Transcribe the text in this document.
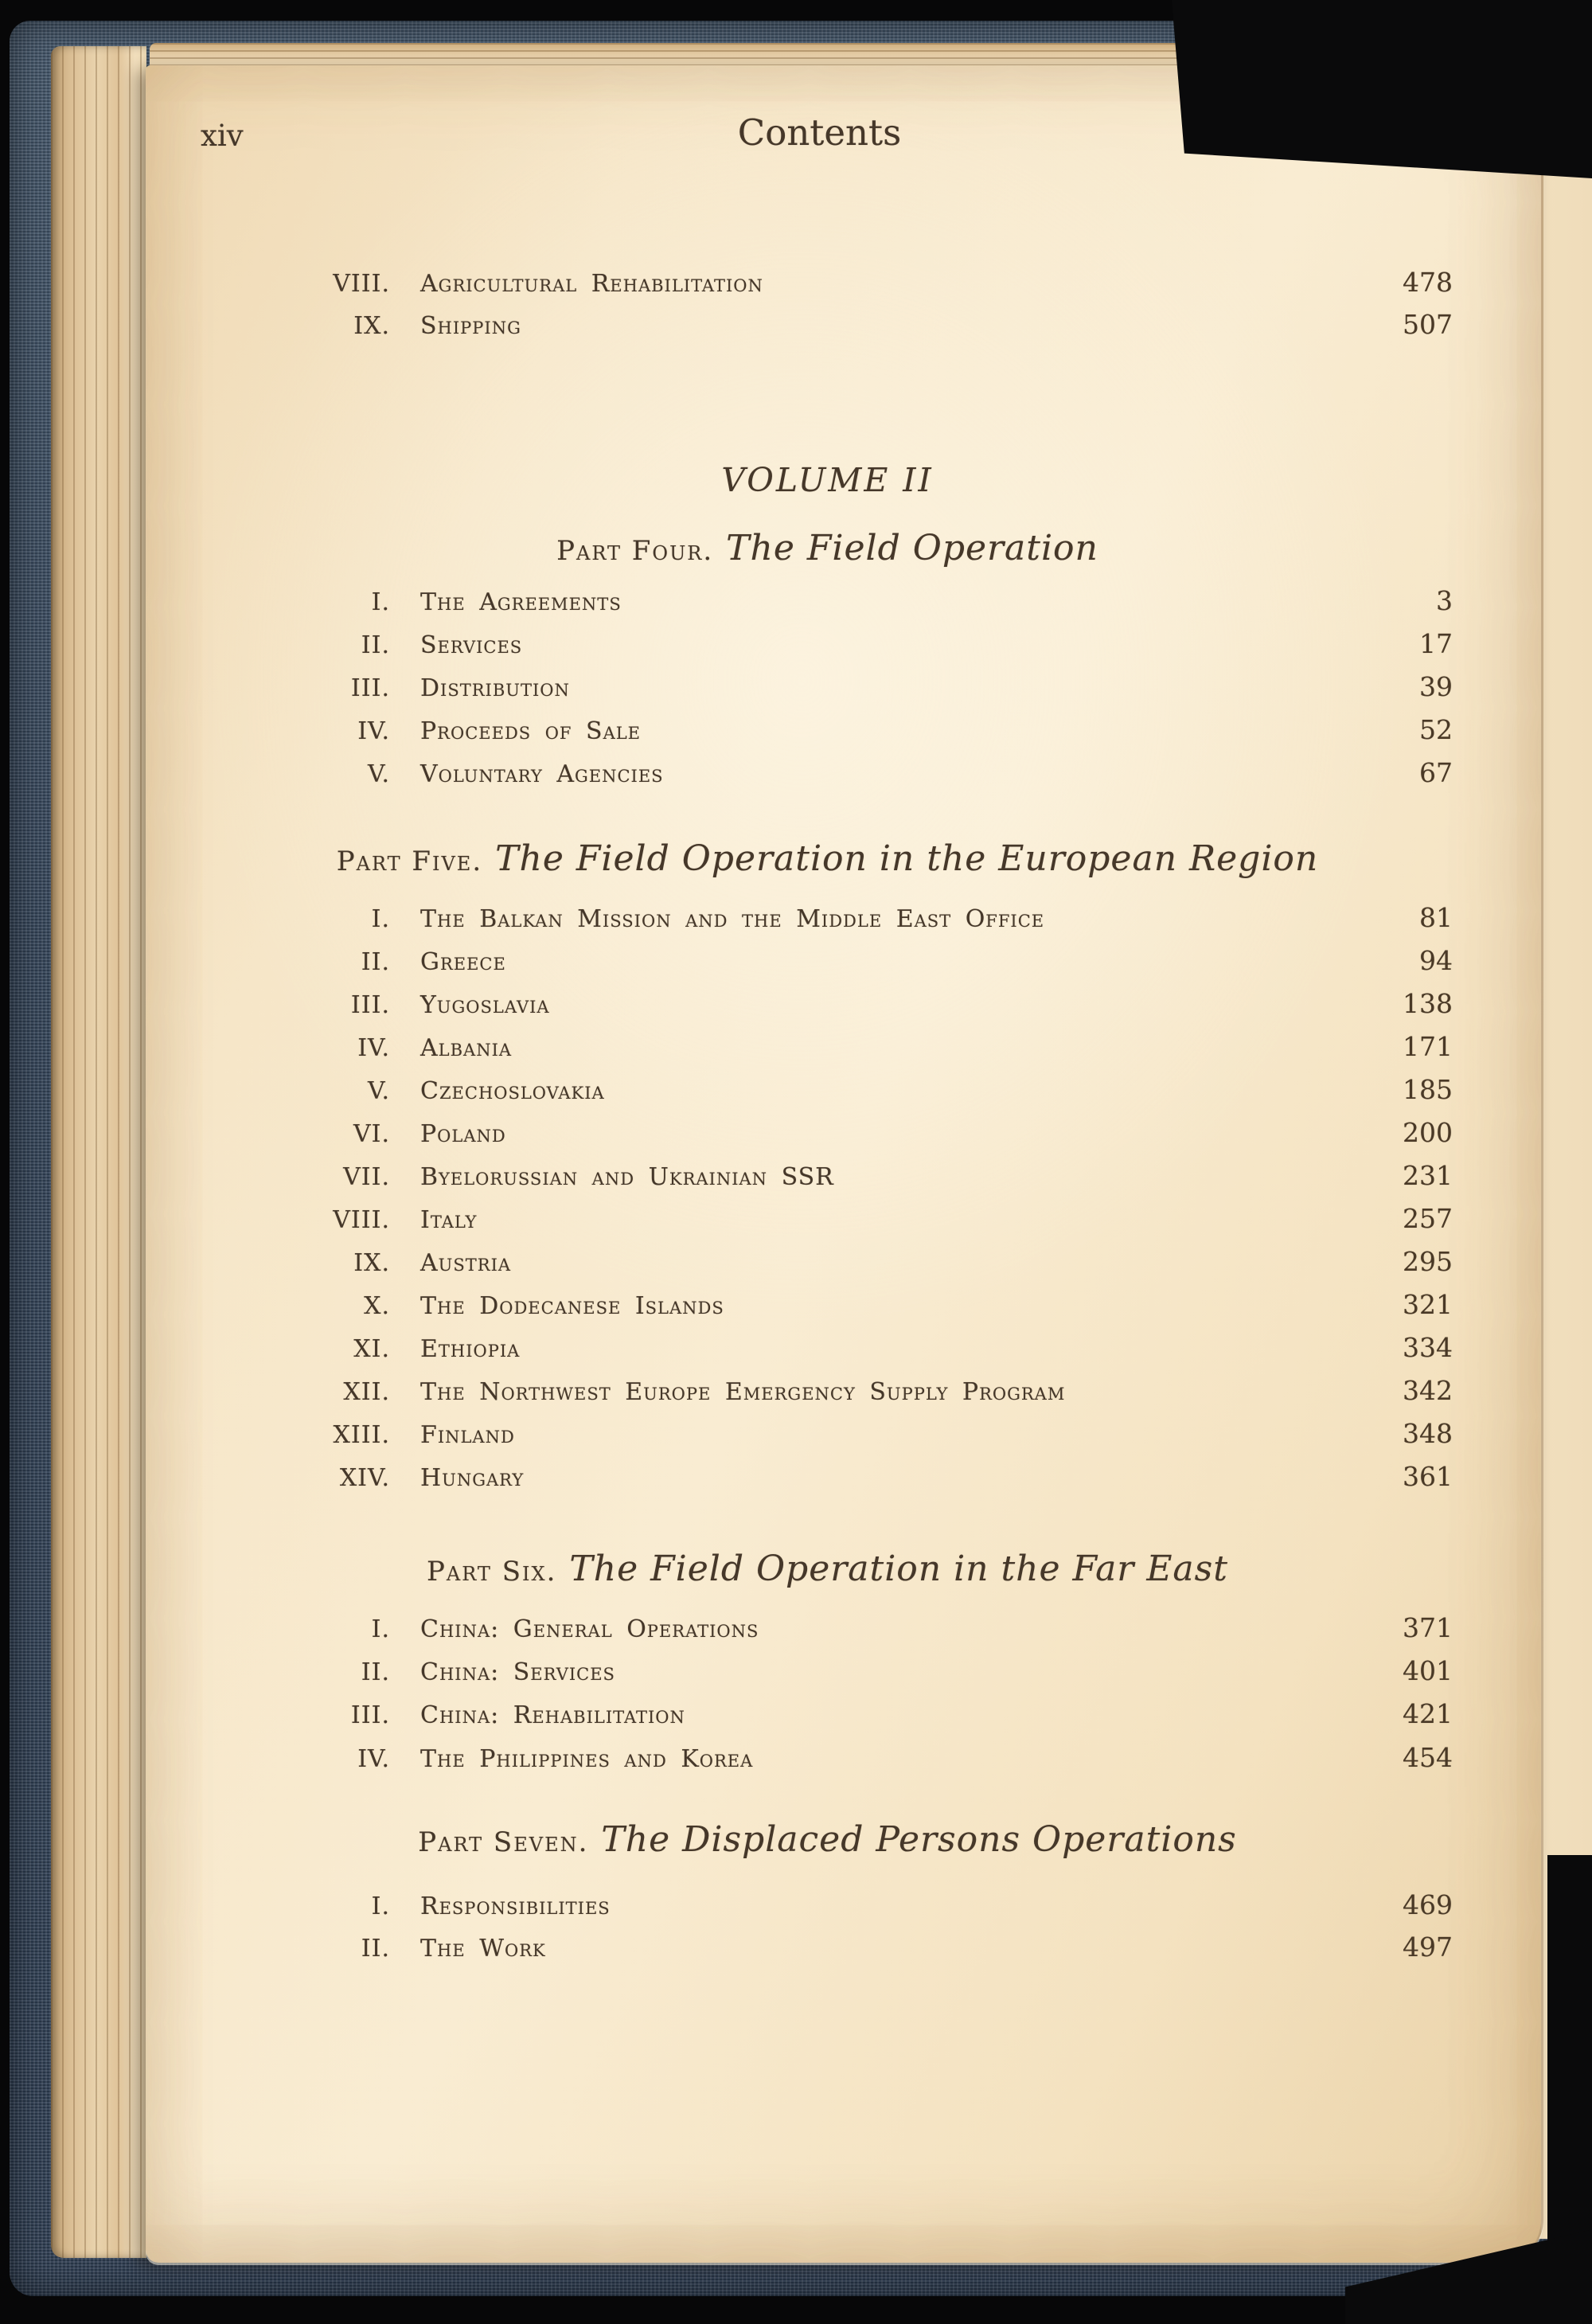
xiv	Contents
VIII. Agricultural Rehabilitation	478
IX. Shipping	507
VOLUME II
Part Four. The Field Operation
I. The Agreements	3
II. Services	17
III. Distribution	39
IV. Proceeds of Sale	52
V. Voluntary Agencies	67
Part Five. The Field Operation in the European Region
I. The Balkan Mission and the Middle East Office	81
II. Greece	94
III. Yugoslavia	138
IV. Albania	171
V. Czechoslovakia	185
VI. Poland	200
VII. Byelorussian and Ukrainian SSR	231
VIII. Italy	257
IX. Austria	295
X. The Dodecanese Islands	321
XI. Ethiopia	334
XII. The Northwest Europe Emergency Supply Program	342
XIII. Finland	348
XIV. Hungary	361
Part Six. The Field Operation in the Far East
I. China: General Operations	371
II. China: Services	401
III. China: Rehabilitation	421
IV. The Philippines and Korea	454
Part Seven. The Displaced Persons Operations
I. Responsibilities	469
II. The Work	497
